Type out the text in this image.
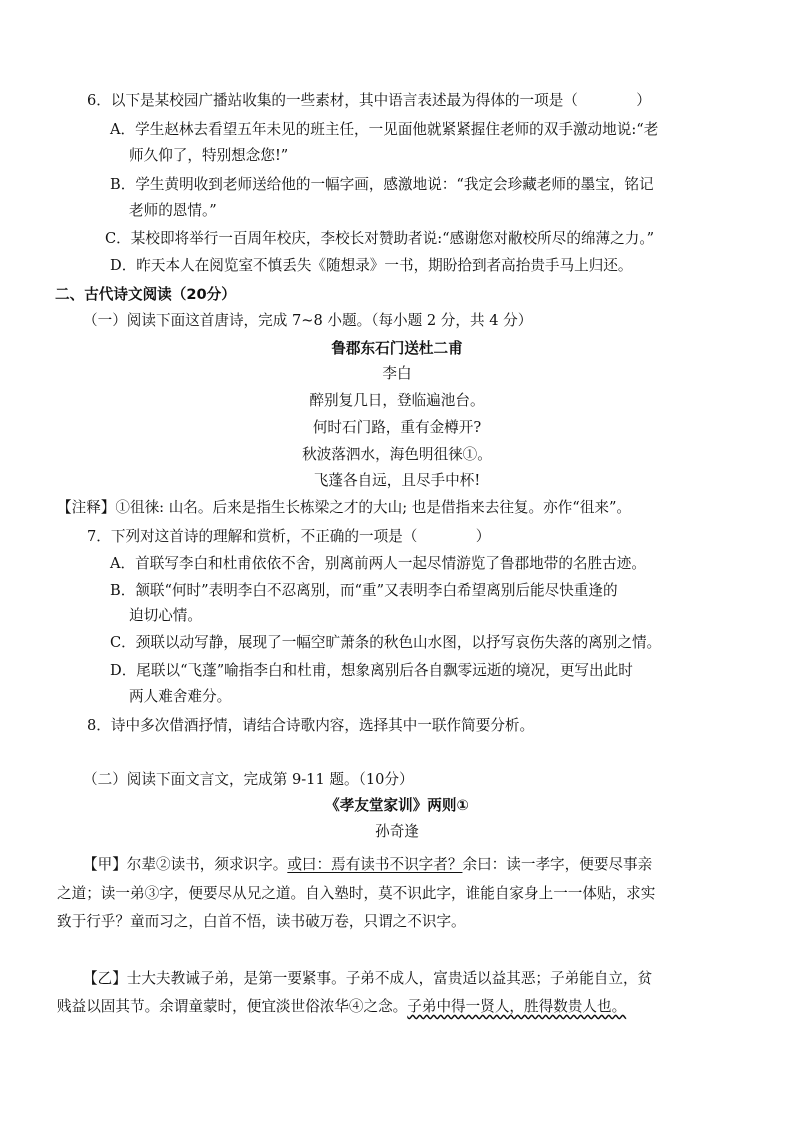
6．以下是某校园广播站收集的一些素材，其中语言表述最为得体的一项是（　　　　）
A．学生赵林去看望五年未见的班主任，一见面他就紧紧握住老师的双手激动地说:“老
师久仰了，特别想念您!”
B．学生黄明收到老师送给他的一幅字画，感激地说：“我定会珍藏老师的墨宝，铭记
老师的恩情。”
C．某校即将举行一百周年校庆，李校长对赞助者说:“感谢您对敝校所尽的绵薄之力。”
D．昨天本人在阅览室不慎丢失《随想录》一书，期盼拾到者高抬贵手马上归还。
二、古代诗文阅读（20分）
（一）阅读下面这首唐诗，完成 7~8 小题。（每小题 2 分，共 4 分）
鲁郡东石门送杜二甫
李白
醉别复几日，登临遍池台。
何时石门路，重有金樽开?
秋波落泗水，海色明徂徕①。
飞蓬各自远，且尽手中杯!
【注释】①徂徕: 山名。后来是指生长栋梁之才的大山; 也是借指来去往复。亦作“徂来”。
7．下列对这首诗的理解和赏析，不正确的一项是（　　　　）
A．首联写李白和杜甫依依不舍，别离前两人一起尽情游览了鲁郡地带的名胜古迹。
B．颔联“何时”表明李白不忍离别，而“重”又表明李白希望离别后能尽快重逢的
迫切心情。
C．颈联以动写静，展现了一幅空旷萧条的秋色山水图，以抒写哀伤失落的离别之情。
D．尾联以“飞蓬”喻指李白和杜甫，想象离别后各自飘零远逝的境况，更写出此时
两人难舍难分。
8．诗中多次借酒抒情，请结合诗歌内容，选择其中一联作简要分析。
（二）阅读下面文言文，完成第 9-11 题。（10分）
《孝友堂家训》两则①
孙奇逢
【甲】尔辈②读书，须求识字。或曰：焉有读书不识字者？余曰：读一孝字，便要尽事亲
之道；读一弟③字，便要尽从兄之道。自入塾时，莫不识此字，谁能自家身上一一体贴，求实
致于行乎？童而习之，白首不悟，读书破万卷，只谓之不识字。
【乙】士大夫教诫子弟，是第一要紧事。子弟不成人，富贵适以益其恶；子弟能自立，贫
贱益以固其节。余谓童蒙时，便宜淡世俗浓华④之念。子弟中得一贤人，胜得数贵人也。
